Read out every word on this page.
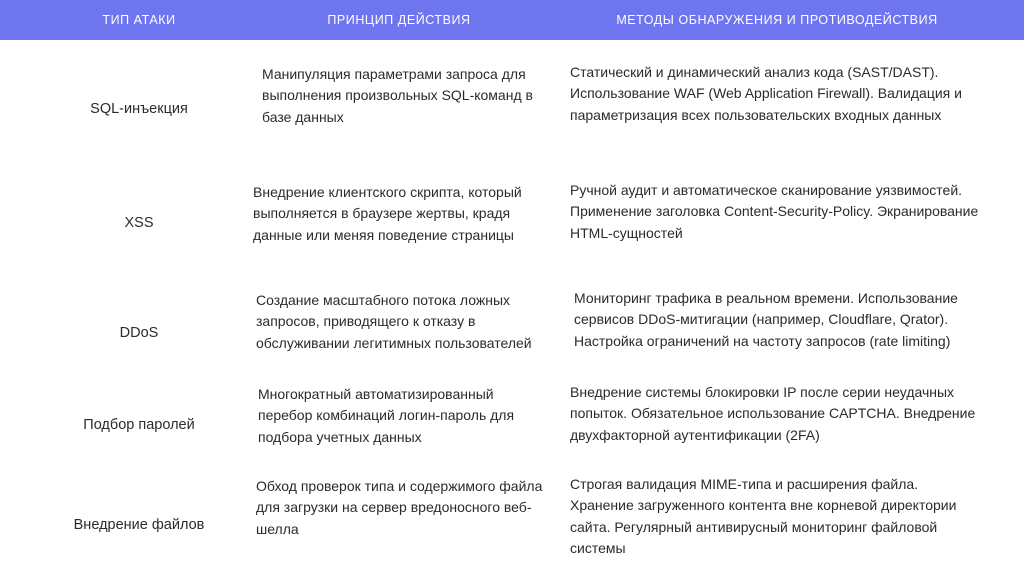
ТИП АТАКИ	ПРИНЦИП ДЕЙСТВИЯ	МЕТОДЫ ОБНАРУЖЕНИЯ И ПРОТИВОДЕЙСТВИЯ
SQL-инъекция
Манипуляция параметрами запроса для выполнения произвольных SQL-команд в базе данных
Статический и динамический анализ кода (SAST/DAST). Использование WAF (Web Application Firewall). Валидация и параметризация всех пользовательских входных данных
XSS
Внедрение клиентского скрипта, который выполняется в браузере жертвы, крадя данные или меняя поведение страницы
Ручной аудит и автоматическое сканирование уязвимостей. Применение заголовка Content-Security-Policy. Экранирование HTML-сущностей
DDoS
Создание масштабного потока ложных запросов, приводящего к отказу в обслуживании легитимных пользователей
Мониторинг трафика в реальном времени. Использование сервисов DDoS-митигации (например, Cloudflare, Qrator). Настройка ограничений на частоту запросов (rate limiting)
Подбор паролей
Многократный автоматизированный перебор комбинаций логин-пароль для подбора учетных данных
Внедрение системы блокировки IP после серии неудачных попыток. Обязательное использование CAPTCHA. Внедрение двухфакторной аутентификации (2FA)
Внедрение файлов
Обход проверок типа и содержимого файла для загрузки на сервер вредоносного веб-шелла
Строгая валидация MIME-типа и расширения файла. Хранение загруженного контента вне корневой директории сайта. Регулярный антивирусный мониторинг файловой системы
